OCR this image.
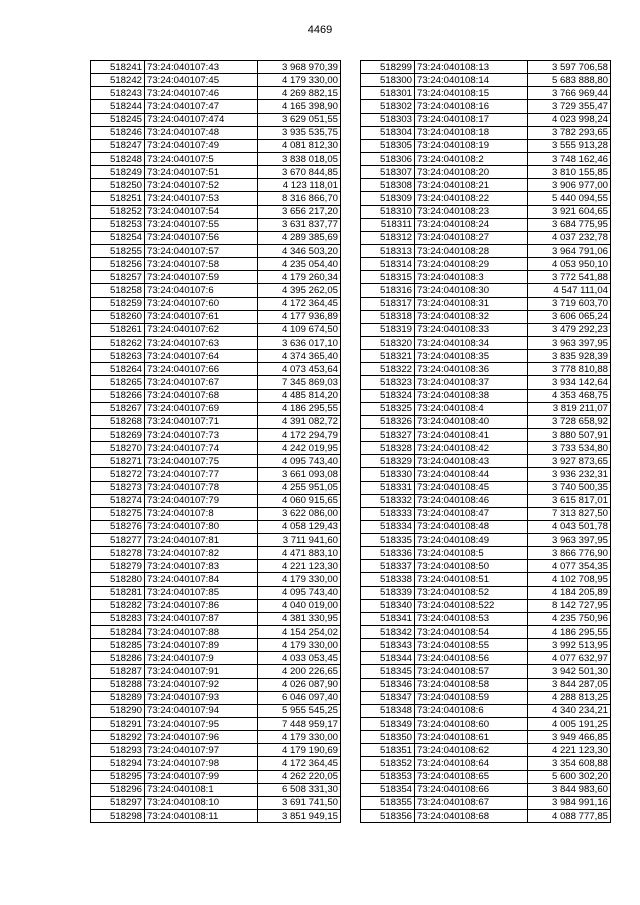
4469
518241	73:24:040107:43	3 968 970,39
518242	73:24:040107:45	4 179 330,00
518243	73:24:040107:46	4 269 882,15
518244	73:24:040107:47	4 165 398,90
518245	73:24:040107:474	3 629 051,55
518246	73:24:040107:48	3 935 535,75
518247	73:24:040107:49	4 081 812,30
518248	73:24:040107:5	3 838 018,05
518249	73:24:040107:51	3 670 844,85
518250	73:24:040107:52	4 123 118,01
518251	73:24:040107:53	8 316 866,70
518252	73:24:040107:54	3 656 217,20
518253	73:24:040107:55	3 631 837,77
518254	73:24:040107:56	4 289 385,69
518255	73:24:040107:57	4 346 503,20
518256	73:24:040107:58	4 235 054,40
518257	73:24:040107:59	4 179 260,34
518258	73:24:040107:6	4 395 262,05
518259	73:24:040107:60	4 172 364,45
518260	73:24:040107:61	4 177 936,89
518261	73:24:040107:62	4 109 674,50
518262	73:24:040107:63	3 636 017,10
518263	73:24:040107:64	4 374 365,40
518264	73:24:040107:66	4 073 453,64
518265	73:24:040107:67	7 345 869,03
518266	73:24:040107:68	4 485 814,20
518267	73:24:040107:69	4 186 295,55
518268	73:24:040107:71	4 391 082,72
518269	73:24:040107:73	4 172 294,79
518270	73:24:040107:74	4 242 019,95
518271	73:24:040107:75	4 095 743,40
518272	73:24:040107:77	3 661 093,08
518273	73:24:040107:78	4 255 951,05
518274	73:24:040107:79	4 060 915,65
518275	73:24:040107:8	3 622 086,00
518276	73:24:040107:80	4 058 129,43
518277	73:24:040107:81	3 711 941,60
518278	73:24:040107:82	4 471 883,10
518279	73:24:040107:83	4 221 123,30
518280	73:24:040107:84	4 179 330,00
518281	73:24:040107:85	4 095 743,40
518282	73:24:040107:86	4 040 019,00
518283	73:24:040107:87	4 381 330,95
518284	73:24:040107:88	4 154 254,02
518285	73:24:040107:89	4 179 330,00
518286	73:24:040107:9	4 033 053,45
518287	73:24:040107:91	4 200 226,65
518288	73:24:040107:92	4 026 087,90
518289	73:24:040107:93	6 046 097,40
518290	73:24:040107:94	5 955 545,25
518291	73:24:040107:95	7 448 959,17
518292	73:24:040107:96	4 179 330,00
518293	73:24:040107:97	4 179 190,69
518294	73:24:040107:98	4 172 364,45
518295	73:24:040107:99	4 262 220,05
518296	73:24:040108:1	6 508 331,30
518297	73:24:040108:10	3 691 741,50
518298	73:24:040108:11	3 851 949,15
518299	73:24:040108:13	3 597 706,58
518300	73:24:040108:14	5 683 888,80
518301	73:24:040108:15	3 766 969,44
518302	73:24:040108:16	3 729 355,47
518303	73:24:040108:17	4 023 998,24
518304	73:24:040108:18	3 782 293,65
518305	73:24:040108:19	3 555 913,28
518306	73:24:040108:2	3 748 162,46
518307	73:24:040108:20	3 810 155,85
518308	73:24:040108:21	3 906 977,00
518309	73:24:040108:22	5 440 094,55
518310	73:24:040108:23	3 921 604,65
518311	73:24:040108:24	3 684 775,95
518312	73:24:040108:27	4 037 232,78
518313	73:24:040108:28	3 964 791,06
518314	73:24:040108:29	4 053 950,10
518315	73:24:040108:3	3 772 541,88
518316	73:24:040108:30	4 547 111,04
518317	73:24:040108:31	3 719 603,70
518318	73:24:040108:32	3 606 065,24
518319	73:24:040108:33	3 479 292,23
518320	73:24:040108:34	3 963 397,95
518321	73:24:040108:35	3 835 928,39
518322	73:24:040108:36	3 778 810,88
518323	73:24:040108:37	3 934 142,64
518324	73:24:040108:38	4 353 468,75
518325	73:24:040108:4	3 819 211,07
518326	73:24:040108:40	3 728 658,92
518327	73:24:040108:41	3 880 507,91
518328	73:24:040108:42	3 733 534,80
518329	73:24:040108:43	3 927 873,65
518330	73:24:040108:44	3 936 232,31
518331	73:24:040108:45	3 740 500,35
518332	73:24:040108:46	3 615 817,01
518333	73:24:040108:47	7 313 827,50
518334	73:24:040108:48	4 043 501,78
518335	73:24:040108:49	3 963 397,95
518336	73:24:040108:5	3 866 776,90
518337	73:24:040108:50	4 077 354,35
518338	73:24:040108:51	4 102 708,95
518339	73:24:040108:52	4 184 205,89
518340	73:24:040108:522	8 142 727,95
518341	73:24:040108:53	4 235 750,96
518342	73:24:040108:54	4 186 295,55
518343	73:24:040108:55	3 992 513,95
518344	73:24:040108:56	4 077 632,97
518345	73:24:040108:57	3 942 501,30
518346	73:24:040108:58	3 844 287,05
518347	73:24:040108:59	4 288 813,25
518348	73:24:040108:6	4 340 234,21
518349	73:24:040108:60	4 005 191,25
518350	73:24:040108:61	3 949 466,85
518351	73:24:040108:62	4 221 123,30
518352	73:24:040108:64	3 354 608,88
518353	73:24:040108:65	5 600 302,20
518354	73:24:040108:66	3 844 983,60
518355	73:24:040108:67	3 984 991,16
518356	73:24:040108:68	4 088 777,85
